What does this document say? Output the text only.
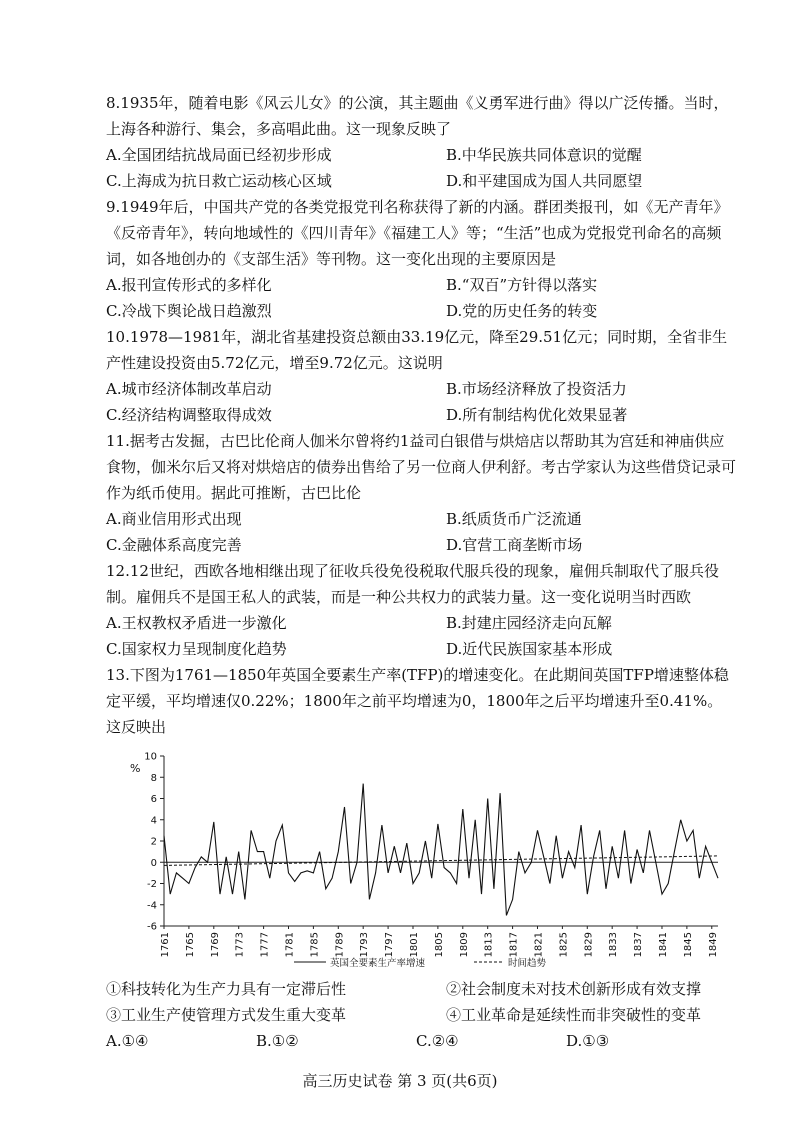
8.1935年，随着电影《风云儿女》的公演，其主题曲《义勇军进行曲》得以广泛传播。当时，上海各种游行、集会，多高唱此曲。这一现象反映了

A.全国团结抗战局面已经初步形成	B.中华民族共同体意识的觉醒
C.上海成为抗日救亡运动核心区域	D.和平建国成为国人共同愿望

9.1949年后，中国共产党的各类党报党刊名称获得了新的内涵。群团类报刊，如《无产青年》《反帝青年》，转向地域性的《四川青年》《福建工人》等；“生活”也成为党报党刊命名的高频词，如各地创办的《支部生活》等刊物。这一变化出现的主要原因是

A.报刊宣传形式的多样化	B.“双百”方针得以落实
C.冷战下舆论战日趋激烈	D.党的历史任务的转变

10.1978—1981年，湖北省基建投资总额由33.19亿元，降至29.51亿元；同时期，全省非生产性建设投资由5.72亿元，增至9.72亿元。这说明

A.城市经济体制改革启动	B.市场经济释放了投资活力
C.经济结构调整取得成效	D.所有制结构优化效果显著

11.据考古发掘，古巴比伦商人伽米尔曾将约1益司白银借与烘焙店以帮助其为宫廷和神庙供应食物，伽米尔后又将对烘焙店的债券出售给了另一位商人伊利舒。考古学家认为这些借贷记录可作为纸币使用。据此可推断，古巴比伦

A.商业信用形式出现	B.纸质货币广泛流通
C.金融体系高度完善	D.官营工商垄断市场

12.12世纪，西欧各地相继出现了征收兵役免役税取代服兵役的现象，雇佣兵制取代了服兵役制。雇佣兵不是国王私人的武装，而是一种公共权力的武装力量。这一变化说明当时西欧

A.王权教权矛盾进一步激化	B.封建庄园经济走向瓦解
C.国家权力呈现制度化趋势	D.近代民族国家基本形成

13.下图为1761—1850年英国全要素生产率(TFP)的增速变化。在此期间英国TFP增速整体稳定平缓，平均增速仅0.22%；1800年之前平均增速为0，1800年之后平均增速升至0.41%。这反映出

-6
-4
-2
0
2
4
6
8
10
%
1761 1765 1769 1773 1777 1781 1785 1789 1793 1797 1801 1805 1809 1813 1817 1821 1825 1829 1833 1837 1841 1845 1849
英国全要素生产率增速	时间趋势
①科技转化为生产力具有一定滞后性	②社会制度未对技术创新形成有效支撑
③工业生产使管理方式发生重大变革	④工业革命是延续性而非突破性的变革
A.①④	B.①②	C.②④	D.①③
高三历史试卷 第 3 页(共6页)
